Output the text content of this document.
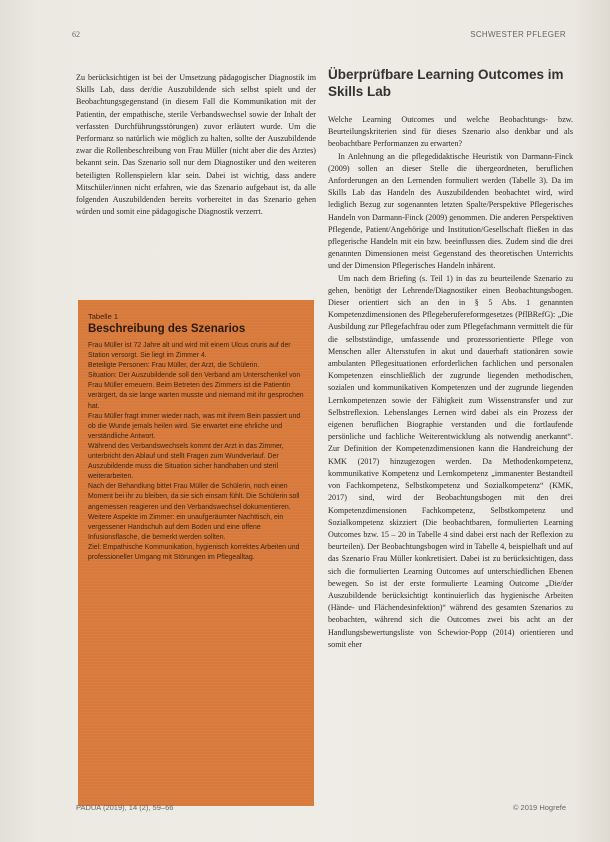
62	SCHWESTER PFLEGER

Zu berücksichtigen ist bei der Umsetzung pädagogischer Diagnostik im Skills Lab, dass der/die Auszubildende sich selbst spielt und der Beobachtungsgegenstand (in diesem Fall die Kommunikation mit der Patientin, der empathische, sterile Verbandswechsel sowie der Inhalt der verfassten Durchführungsstörungen) zuvor erläutert wurde. Um die Performanz so natürlich wie möglich zu halten, sollte der Auszubildende zwar die Rollenbeschreibung von Frau Müller (nicht aber die des Arztes) bekannt sein. Das Szenario soll nur dem Diagnostiker und den weiteren beteiligten Rollenspielern klar sein. Dabei ist wichtig, dass andere Mitschüler/innen nicht erfahren, wie das Szenario aufgebaut ist, da alle folgenden Auszubildenden bereits vorbereitet in das Szenario gehen würden und somit eine pädagogische Diagnostik verzerrt.

Tabelle 1
Beschreibung des Szenarios

Frau Müller ist 72 Jahre alt und wird mit einem Ulcus cruris auf der Station versorgt. Sie liegt im Zimmer 4.

Beteiligte Personen: Frau Müller, der Arzt, die Schülerin.

Situation: Der Auszubildende soll den Verband am Unterschenkel von Frau Müller erneuern. Beim Betreten des Zimmers ist die Patientin verärgert, da sie lange warten musste und niemand mit ihr gesprochen hat.

Frau Müller fragt immer wieder nach, was mit ihrem Bein passiert und ob die Wunde jemals heilen wird. Sie erwartet eine ehrliche und verständliche Antwort.

Während des Verbandswechsels kommt der Arzt in das Zimmer, unterbricht den Ablauf und stellt Fragen zum Wundverlauf. Der Auszubildende muss die Situation sicher handhaben und steril weiterarbeiten.

Nach der Behandlung bittet Frau Müller die Schülerin, noch einen Moment bei ihr zu bleiben, da sie sich einsam fühlt. Die Schülerin soll angemessen reagieren und den Verbandswechsel dokumentieren.

Weitere Aspekte im Zimmer: ein unaufgeräumter Nachttisch, ein vergessener Handschuh auf dem Boden und eine offene Infusionsflasche, die bemerkt werden sollten.

Ziel: Empathische Kommunikation, hygienisch korrektes Arbeiten und professioneller Umgang mit Störungen im Pflegealltag.

Überprüfbare Learning Outcomes im Skills Lab

Welche Learning Outcomes und welche Beobachtungs- bzw. Beurteilungskriterien sind für dieses Szenario also denkbar und als beobachtbare Performanzen zu erwarten?

In Anlehnung an die pflegedidaktische Heuristik von Darmann-Finck (2009) sollen an dieser Stelle die übergeordneten, beruflichen Anforderungen an den Lernenden formuliert werden (Tabelle 3). Da im Skills Lab das Handeln des Auszubildenden beobachtet wird, wird lediglich Bezug zur sogenannten letzten Spalte/Perspektive Pflegerisches Handeln von Darmann-Finck (2009) genommen. Die anderen Perspektiven Pflegende, Patient/Angehörige und Institution/Gesellschaft fließen in das pflegerische Handeln mit ein bzw. beeinflussen dies. Zudem sind die drei genannten Dimensionen meist Gegenstand des theoretischen Unterrichts und der Dimension Pflegerisches Handeln inhärent.

Um nach dem Briefing (s. Teil 1) in das zu beurteilende Szenario zu gehen, benötigt der Lehrende/Diagnostiker einen Beobachtungsbogen. Dieser orientiert sich an den in § 5 Abs. 1 genannten Kompetenzdimensionen des Pflegeberufereformgesetzes (PflBRefG): „Die Ausbildung zur Pflegefachfrau oder zum Pflegefachmann vermittelt die für die selbstständige, umfassende und prozessorientierte Pflege von Menschen aller Altersstufen in akut und dauerhaft stationären sowie ambulanten Pflegesituationen erforderlichen fachlichen und personalen Kompetenzen einschließlich der zugrunde liegenden methodischen, sozialen und kommunikativen Kompetenzen und der zugrunde liegenden Lernkompetenzen sowie der Fähigkeit zum Wissenstransfer und zur Selbstreflexion. Lebenslanges Lernen wird dabei als ein Prozess der eigenen beruflichen Biographie verstanden und die fortlaufende persönliche und fachliche Weiterentwicklung als notwendig anerkannt“. Zur Definition der Kompetenzdimensionen kann die Handreichung der KMK (2017) hinzugezogen werden. Da Methodenkompetenz, kommunikative Kompetenz und Lernkompetenz „immanenter Bestandteil von Fachkompetenz, Selbstkompetenz und Sozialkompetenz“ (KMK, 2017) sind, wird der Beobachtungsbogen mit den drei Kompetenzdimensionen Fachkompetenz, Selbstkompetenz und Sozialkompetenz skizziert (Die beobachtbaren, formulierten Learning Outcomes bzw. 15 – 20 in Tabelle 4 sind dabei erst nach der Reflexion zu beurteilen). Der Beobachtungsbogen wird in Tabelle 4, beispielhaft und auf das Szenario Frau Müller konkretisiert. Dabei ist zu berücksichtigen, dass sich die formulierten Learning Outcomes auf unterschiedlichen Ebenen bewegen. So ist der erste formulierte Learning Outcome „Die/der Auszubildende berücksichtigt kontinuierlich das hygienische Arbeiten (Hände- und Flächendesinfektion)“ während des gesamten Szenarios zu beobachten, während sich die Outcomes zwei bis acht an der Handlungsbewertungsliste von Schewior-Popp (2014) orientieren und somit eher

PADUA (2019), 14 (2), 59–66	© 2019 Hogrefe
